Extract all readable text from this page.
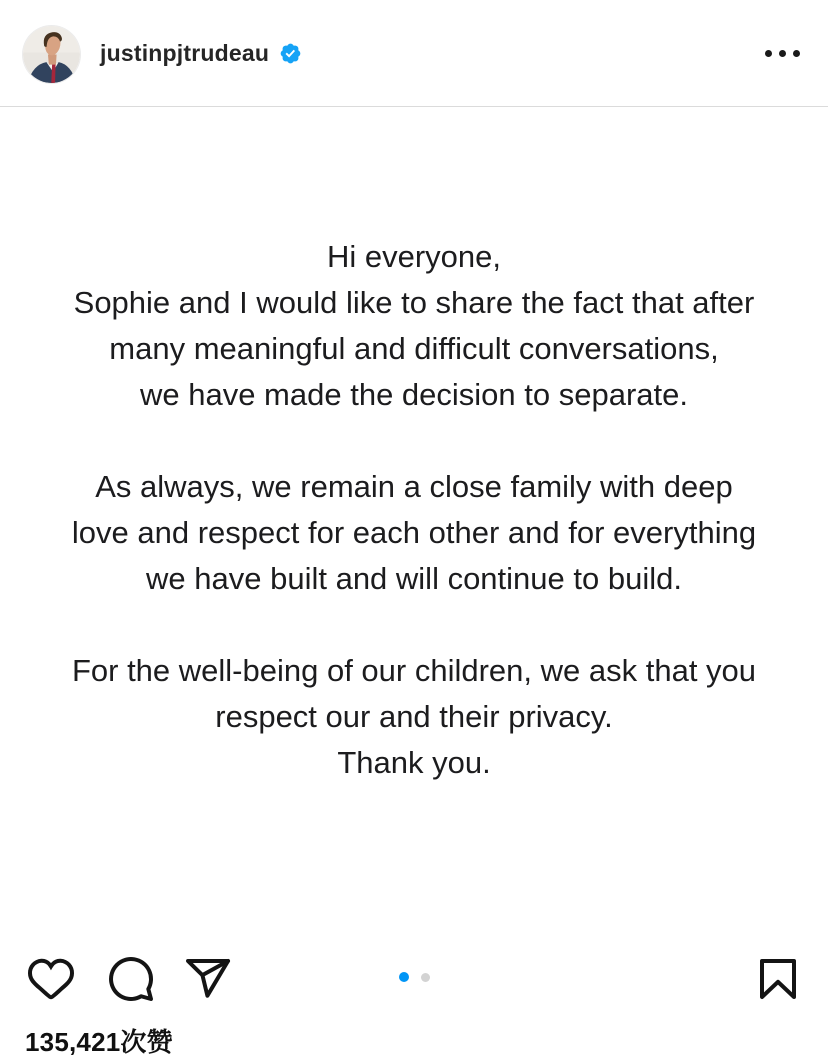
justinpjtrudeau
Hi everyone,
Sophie and I would like to share the fact that after
many meaningful and difficult conversations,
we have made the decision to separate.
As always, we remain a close family with deep
love and respect for each other and for everything
we have built and will continue to build.
For the well-being of our children, we ask that you
respect our and their privacy.
Thank you.
135,421次赞
